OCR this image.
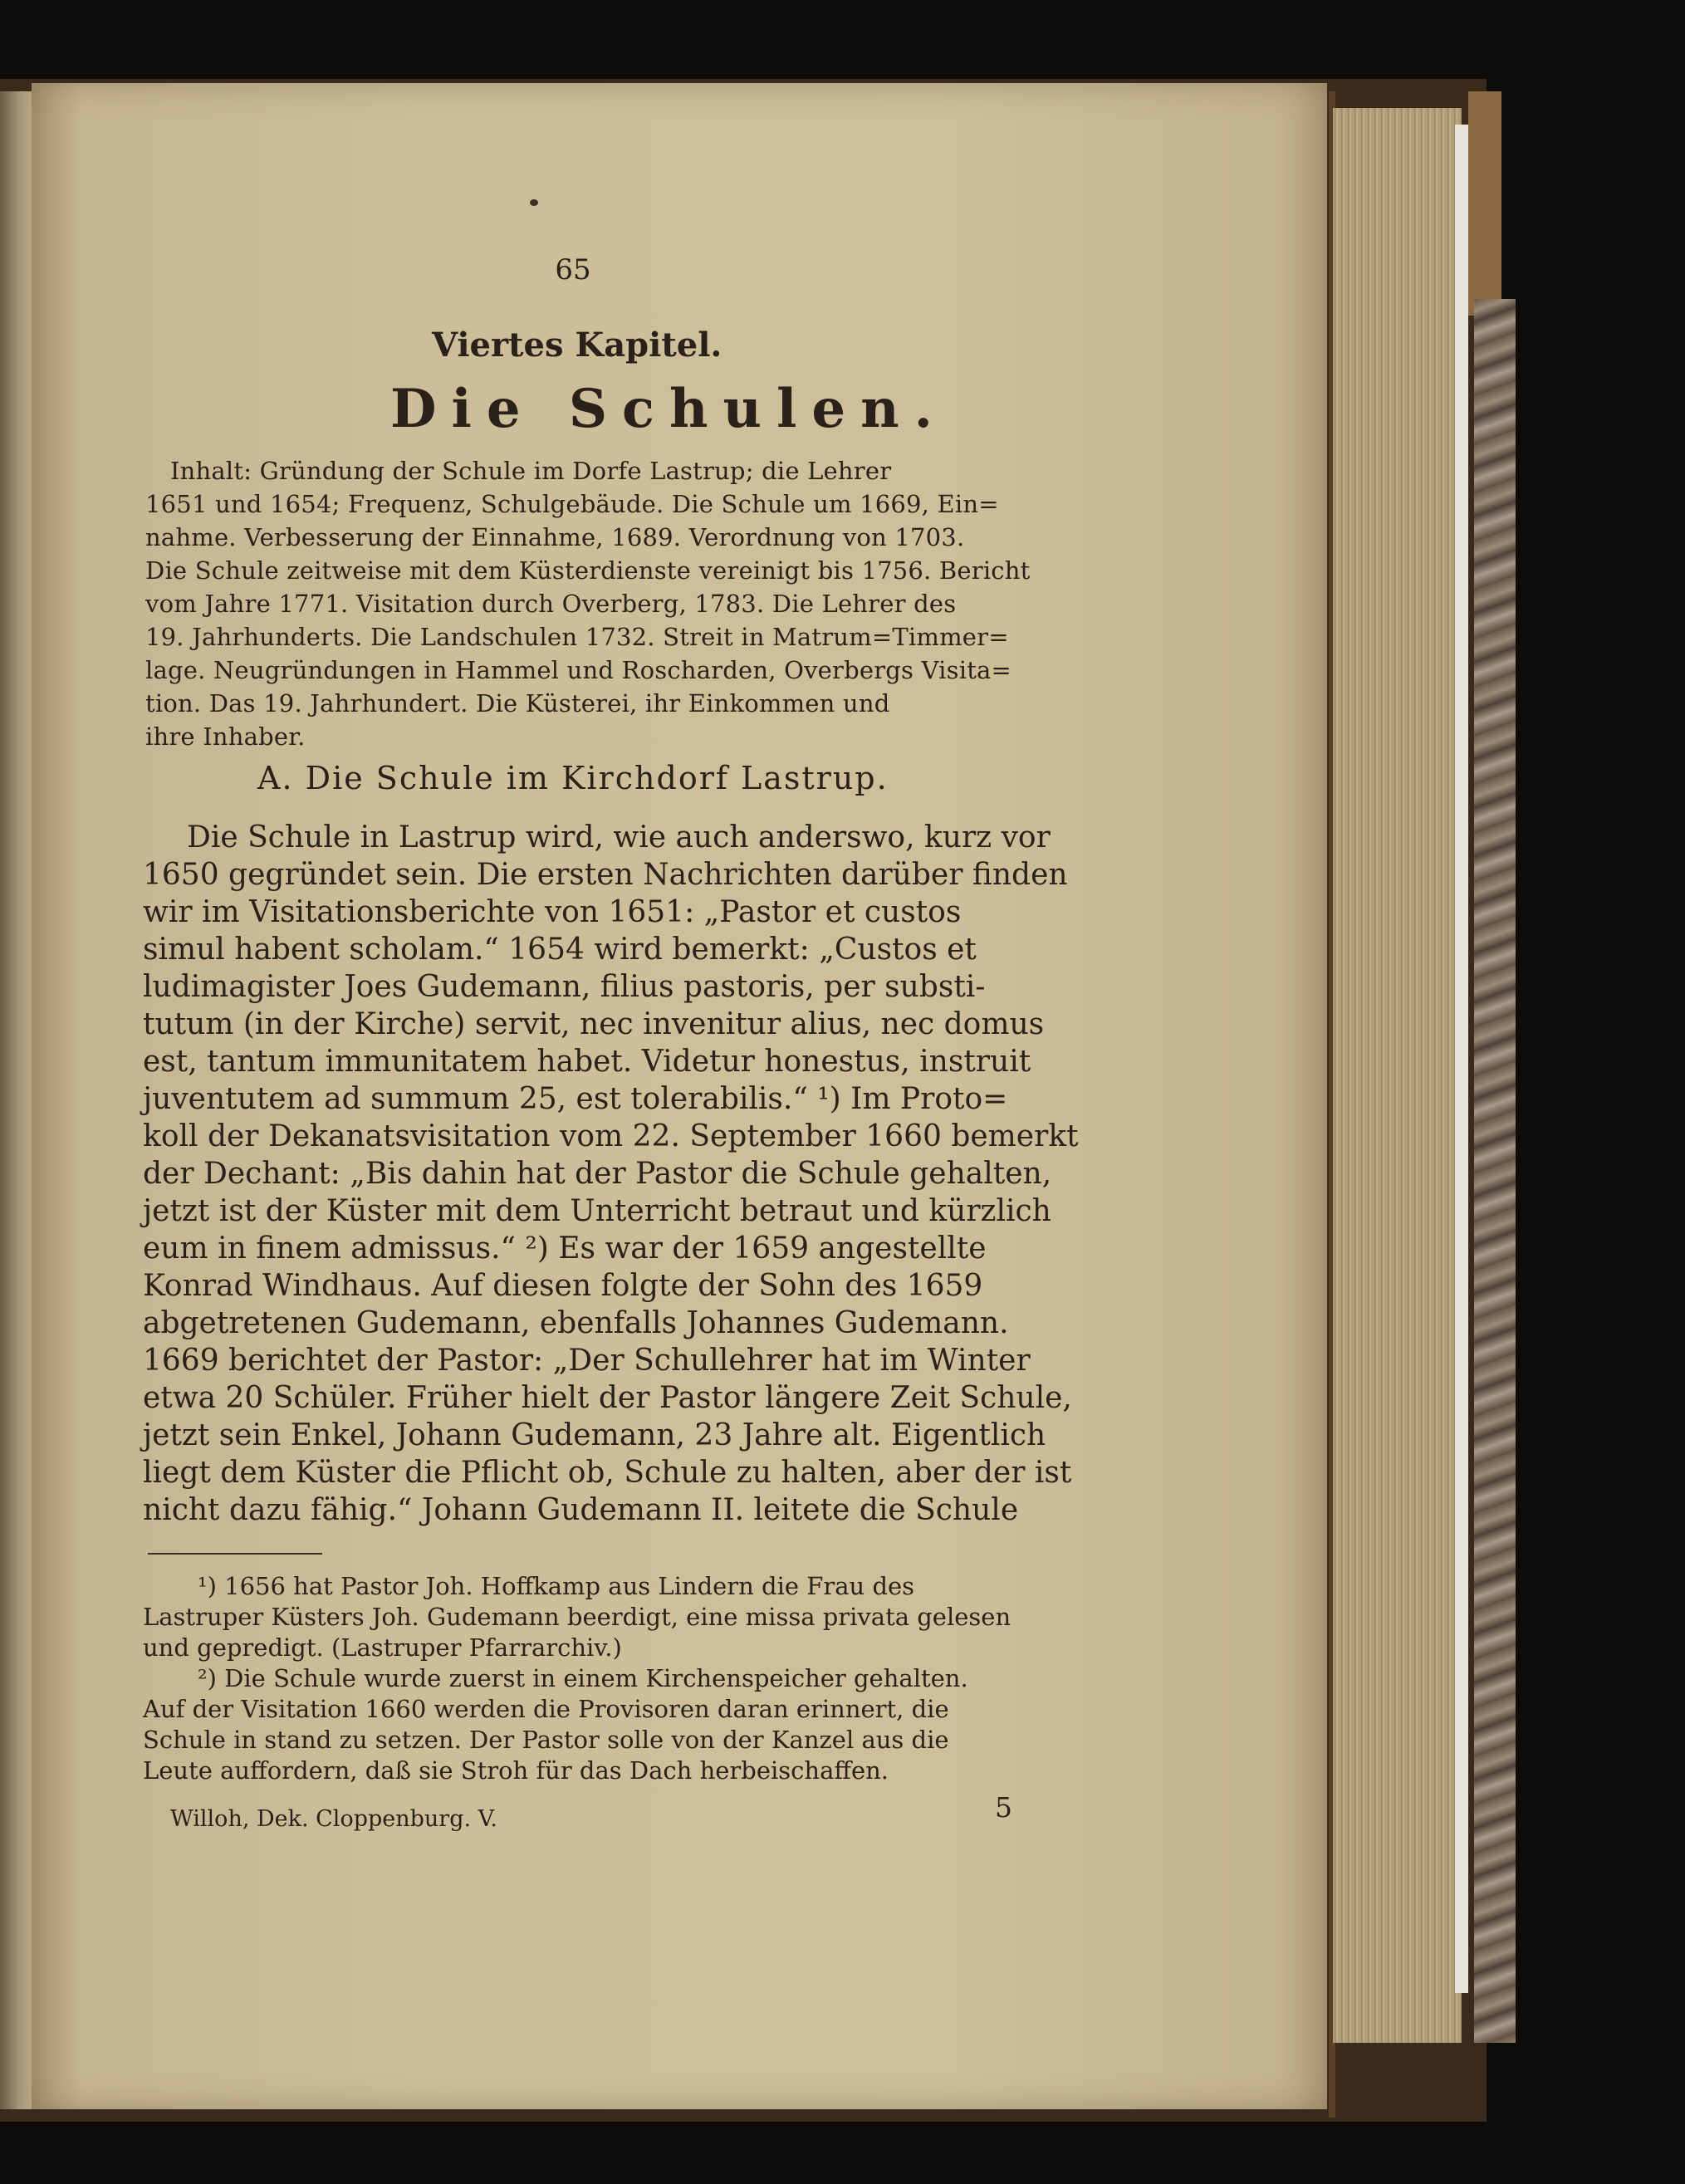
65
Viertes Kapitel.
Die Schulen.
Inhalt: Gründung der Schule im Dorfe Lastrup; die Lehrer
1651 und 1654; Frequenz, Schulgebäude. Die Schule um 1669, Ein=
nahme. Verbesserung der Einnahme, 1689. Verordnung von 1703.
Die Schule zeitweise mit dem Küsterdienste vereinigt bis 1756. Bericht
vom Jahre 1771. Visitation durch Overberg, 1783. Die Lehrer des
19. Jahrhunderts. Die Landschulen 1732. Streit in Matrum=Timmer=
lage. Neugründungen in Hammel und Roscharden, Overbergs Visita=
tion. Das 19. Jahrhundert. Die Küsterei, ihr Einkommen und
ihre Inhaber.
A. Die Schule im Kirchdorf Lastrup.
Die Schule in Lastrup wird, wie auch anderswo, kurz vor
1650 gegründet sein. Die ersten Nachrichten darüber finden
wir im Visitationsberichte von 1651: „Pastor et custos
simul habent scholam.“ 1654 wird bemerkt: „Custos et
ludimagister Joes Gudemann, filius pastoris, per substi-
tutum (in der Kirche) servit, nec invenitur alius, nec domus
est, tantum immunitatem habet. Videtur honestus, instruit
juventutem ad summum 25, est tolerabilis.“ ¹) Im Proto=
koll der Dekanatsvisitation vom 22. September 1660 bemerkt
der Dechant: „Bis dahin hat der Pastor die Schule gehalten,
jetzt ist der Küster mit dem Unterricht betraut und kürzlich
eum in finem admissus.“ ²) Es war der 1659 angestellte
Konrad Windhaus. Auf diesen folgte der Sohn des 1659
abgetretenen Gudemann, ebenfalls Johannes Gudemann.
1669 berichtet der Pastor: „Der Schullehrer hat im Winter
etwa 20 Schüler. Früher hielt der Pastor längere Zeit Schule,
jetzt sein Enkel, Johann Gudemann, 23 Jahre alt. Eigentlich
liegt dem Küster die Pflicht ob, Schule zu halten, aber der ist
nicht dazu fähig.“ Johann Gudemann II. leitete die Schule
¹) 1656 hat Pastor Joh. Hoffkamp aus Lindern die Frau des
Lastruper Küsters Joh. Gudemann beerdigt, eine missa privata gelesen
und gepredigt. (Lastruper Pfarrarchiv.)
²) Die Schule wurde zuerst in einem Kirchenspeicher gehalten.
Auf der Visitation 1660 werden die Provisoren daran erinnert, die
Schule in stand zu setzen. Der Pastor solle von der Kanzel aus die
Leute auffordern, daß sie Stroh für das Dach herbeischaffen.
Willoh, Dek. Cloppenburg. V.	5
